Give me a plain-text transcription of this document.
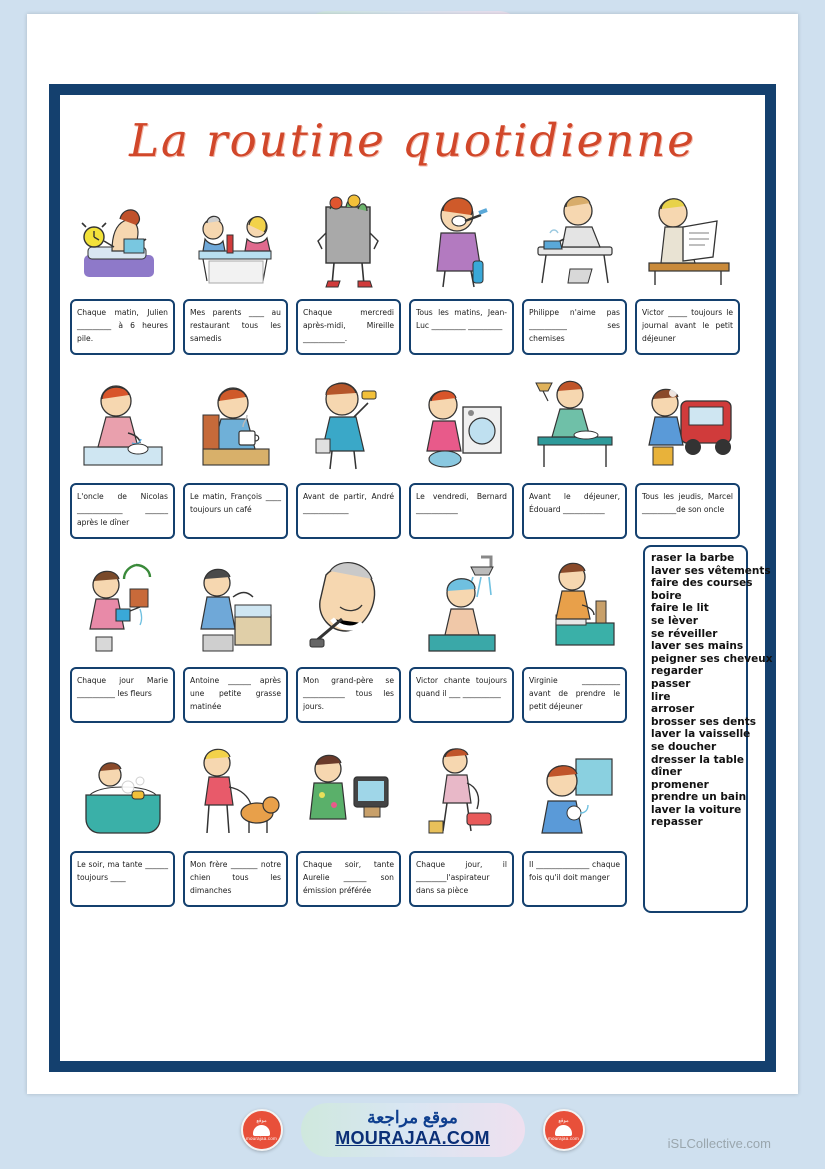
La routine quotidienne
Chaque matin, Julien _________ à 6 heures pile.
Mes parents ____ au restaurant tous les samedis
Chaque mercredi après-midi, Mireille ___________.
Tous les matins, Jean-Luc _________ _________
Philippe n'aime pas __________ ses chemises
Victor _____ toujours le journal avant le petit déjeuner
L'oncle de Nicolas ____________ ______ après le dîner
Le matin, François ____ toujours un café
Avant de partir, André ____________
Le vendredi, Bernard ___________
Avant le déjeuner, Édouard ___________
Tous les jeudis, Marcel _________de son oncle
Chaque jour Marie __________ les fleurs
Antoine ______ après une petite grasse matinée
Mon grand-père se ___________ tous les jours.
Victor chante toujours quand il ___ __________
Virginie __________ avant de prendre le petit déjeuner
Le soir, ma tante ______ toujours ____
Mon frère _______ notre chien tous les dimanches
Chaque soir, tante Aurelie ______ son émission préférée
Chaque jour, il ________l'aspirateur dans sa pièce
Il ______________ chaque fois qu'il doit manger
raser la barbe
laver ses vêtements
faire des courses
boire
faire le lit
se lèver
se réveiller
laver ses mains
peigner ses cheveux
regarder
passer
lire
arroser
brosser ses dents
laver la vaisselle
se doucher
dresser la table
dîner
promener
prendre un bain
laver la voiture
repasser
موقع
mourajaa.com
موقع مراجعة
MOURAJAA.COM
موقع
mourajaa.com	iSLCollective.com
